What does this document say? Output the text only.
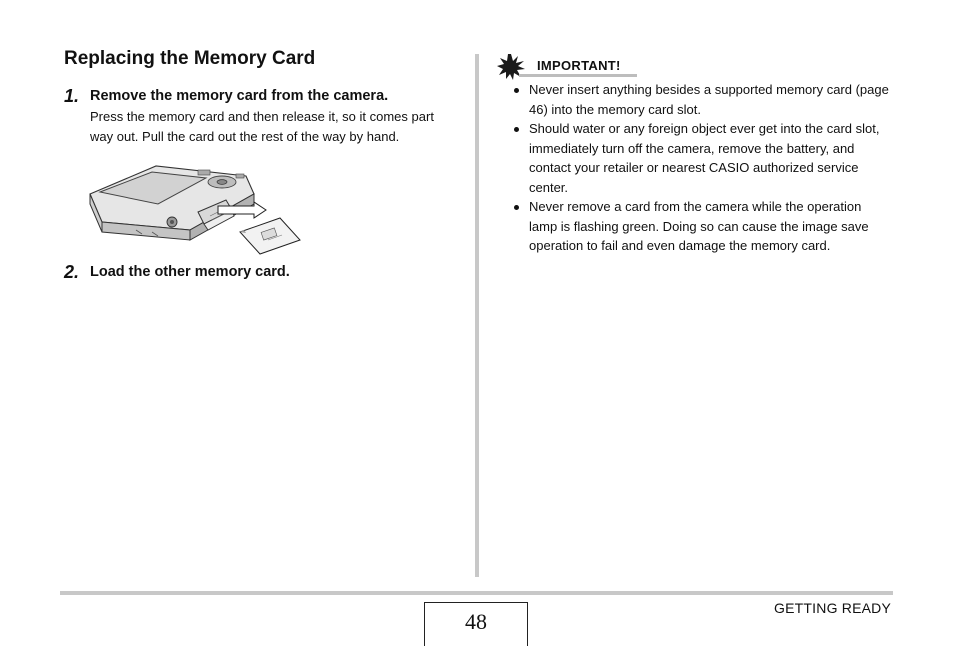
Replacing the Memory Card
1. Remove the memory card from the camera.
Press the memory card and then release it, so it comes part way out. Pull the card out the rest of the way by hand.
2. Load the other memory card.
IMPORTANT!
Never insert anything besides a supported memory card (page 46) into the memory card slot.
Should water or any foreign object ever get into the card slot, immediately turn off the camera, remove the battery, and contact your retailer or nearest CASIO authorized service center.
Never remove a card from the camera while the operation lamp is flashing green. Doing so can cause the image save operation to fail and even damage the memory card.
48
GETTING READY
